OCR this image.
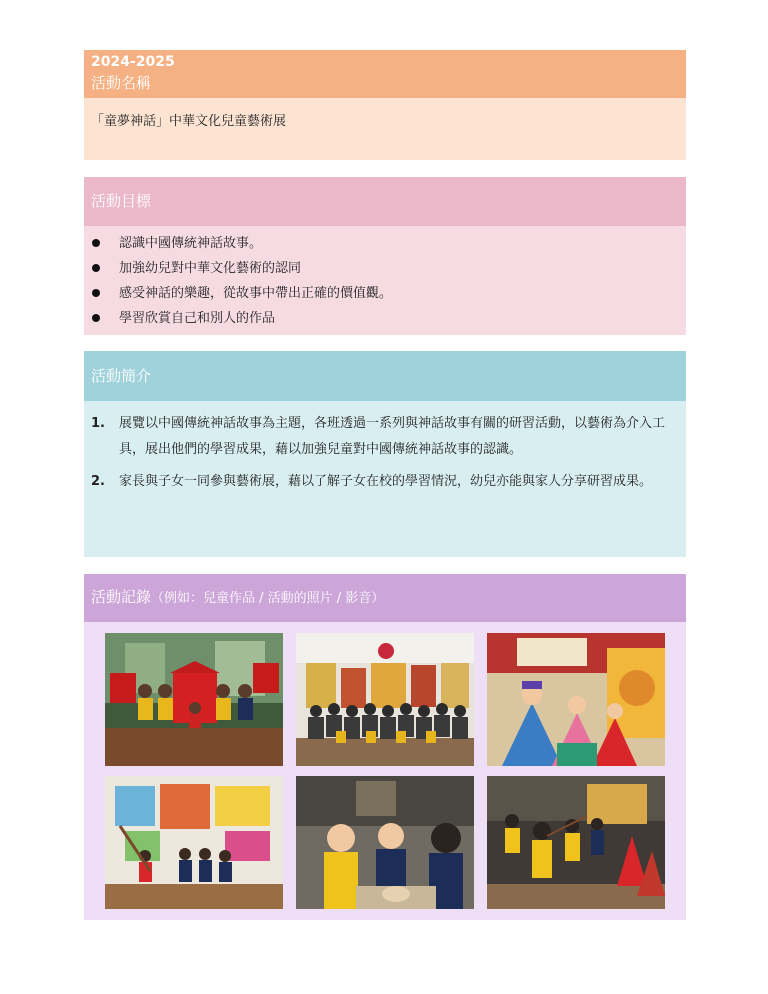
2024-2025
活動名稱
「童夢神話」中華文化兒童藝術展
活動目標
認識中國傳統神話故事。
加強幼兒對中華文化藝術的認同
感受神話的樂趣，從故事中帶出正確的價值觀。
學習欣賞自己和別人的作品
活動簡介
1. 展覽以中國傳統神話故事為主題，各班透過一系列與神話故事有關的研習活動，以藝術為介入工具，展出他們的學習成果，藉以加強兒童對中國傳統神話故事的認識。
2. 家長與子女一同參與藝術展，藉以了解子女在校的學習情況，幼兒亦能與家人分享研習成果。
活動記錄（例如：兒童作品 / 活動的照片 / 影音）
